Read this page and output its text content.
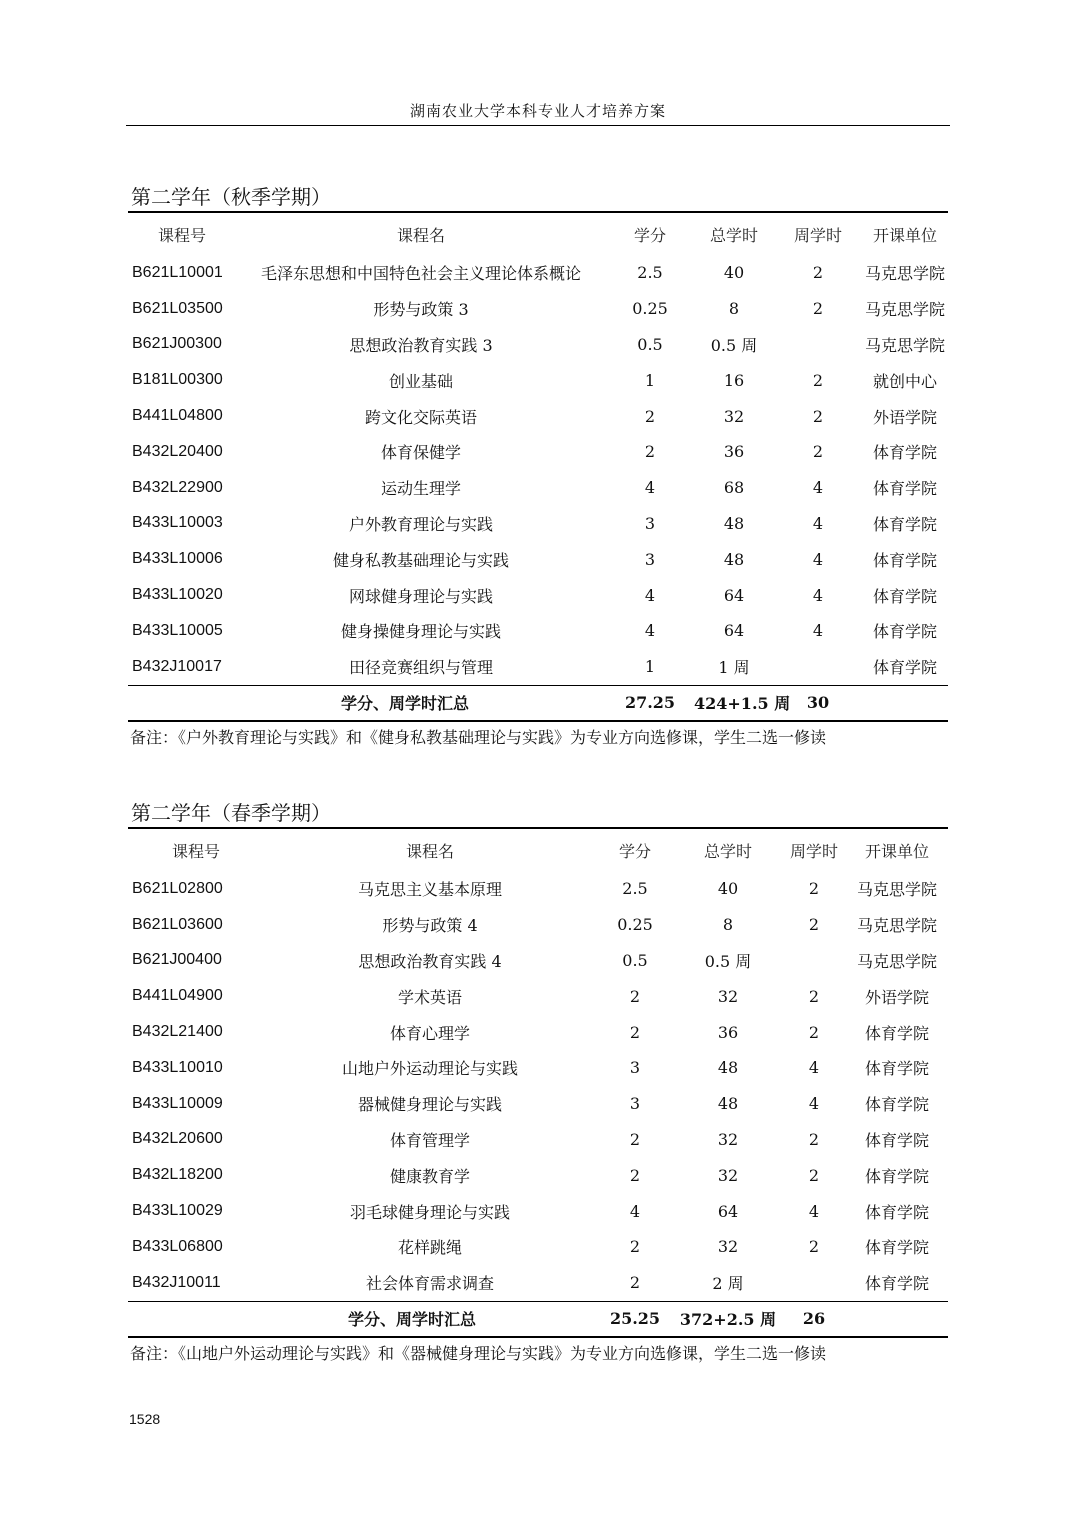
湖南农业大学本科专业人才培养方案
第二学年（秋季学期）
课程号	课程名	学分	总学时	周学时	开课单位
B621L10001	毛泽东思想和中国特色社会主义理论体系概论	2.5	40	2	马克思学院
B621L03500	形势与政策 3	0.25	8	2	马克思学院
B621J00300	思想政治教育实践 3	0.5	0.5 周		马克思学院
B181L00300	创业基础	1	16	2	就创中心
B441L04800	跨文化交际英语	2	32	2	外语学院
B432L20400	体育保健学	2	36	2	体育学院
B432L22900	运动生理学	4	68	4	体育学院
B433L10003	户外教育理论与实践	3	48	4	体育学院
B433L10006	健身私教基础理论与实践	3	48	4	体育学院
B433L10020	网球健身理论与实践	4	64	4	体育学院
B433L10005	健身操健身理论与实践	4	64	4	体育学院
B432J10017	田径竞赛组织与管理	1	1 周		体育学院
学分、周学时汇总		27.25	424+1.5 周	30	
备注：《户外教育理论与实践》和《健身私教基础理论与实践》为专业方向选修课，学生二选一修读
第二学年（春季学期）
课程号	课程名	学分	总学时	周学时	开课单位
B621L02800	马克思主义基本原理	2.5	40	2	马克思学院
B621L03600	形势与政策 4	0.25	8	2	马克思学院
B621J00400	思想政治教育实践 4	0.5	0.5 周		马克思学院
B441L04900	学术英语	2	32	2	外语学院
B432L21400	体育心理学	2	36	2	体育学院
B433L10010	山地户外运动理论与实践	3	48	4	体育学院
B433L10009	器械健身理论与实践	3	48	4	体育学院
B432L20600	体育管理学	2	32	2	体育学院
B432L18200	健康教育学	2	32	2	体育学院
B433L10029	羽毛球健身理论与实践	4	64	4	体育学院
B433L06800	花样跳绳	2	32	2	体育学院
B432J10011	社会体育需求调查	2	2 周		体育学院
学分、周学时汇总		25.25	372+2.5 周	26	
备注：《山地户外运动理论与实践》和《器械健身理论与实践》为专业方向选修课，学生二选一修读
1528
